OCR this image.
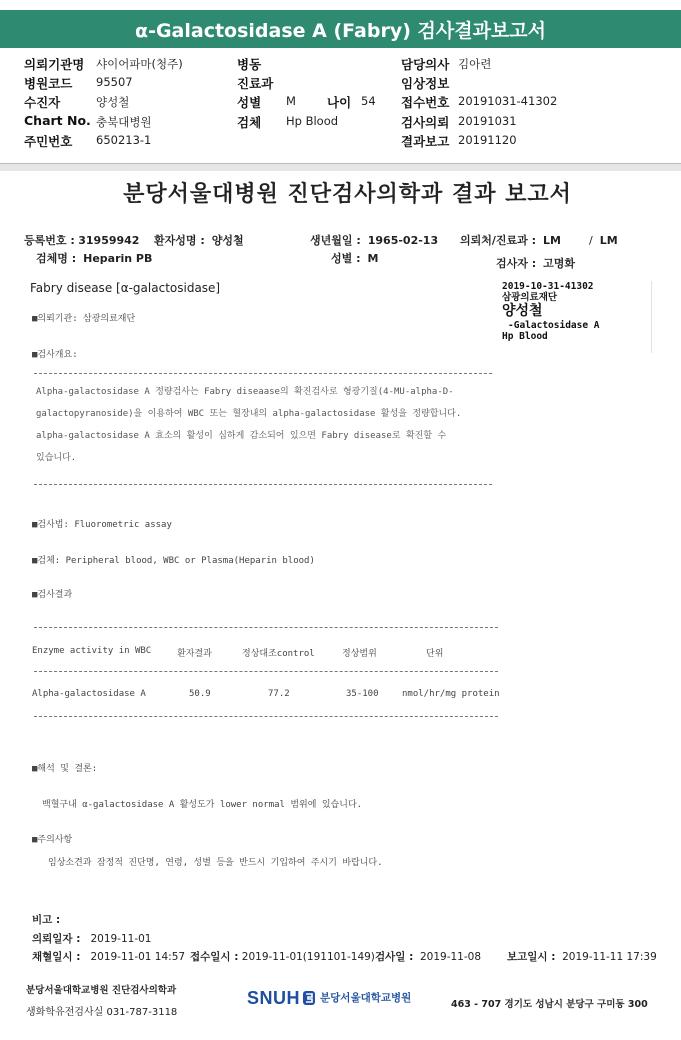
α-Galactosidase A (Fabry) 검사결과보고서
의뢰기관명 샤이어파마(청주)
병원코드 95507
수진자	양성철
Chart No. 충북대병원
주민번호 650213-1
병동
진료과
성별 M 나이 54
검체 Hp Blood
담당의사 김아련
임상정보
접수번호 20191031-41302
검사의뢰 20191031
결과보고 20191120
분당서울대병원 진단검사의학과 결과 보고서
등록번호 : 31959942 환자성명 : 양성철	생년월일 : 1965-02-13 의뢰처/진료과 : LM	/ LM
검체명 : Heparin PB	성별 : M	검사자 : 고명화
Fabry disease [α-galactosidase]	2019-10-31-41302
삼광의료재단
양성철
-Galactosidase A
Hp Blood
■의뢰기관: 삼광의료재단
■검사개요:
Alpha-galactosidase A 정량검사는 Fabry diseaase의 확진검사로 형광기질(4-MU-alpha-D-
galactopyranoside)을 이용하여 WBC 또는 혈장내의 alpha-galactosidase 활성을 정량합니다.
alpha-galactosidase A 효소의 활성이 심하게 감소되어 있으면 Fabry disease로 확진할 수
있습니다.
■검사법: Fluorometric assay
■검체: Peripheral blood, WBC or Plasma(Heparin blood)
■검사결과
Enzyme activity in WBC	환자결과	정상대조control	정상범위	단위
Alpha-galactosidase A	50.9	77.2	35-100	nmol/hr/mg protein
■해석 및 결론:
백혈구내 α-galactosidase A 활성도가 lower normal 범위에 있습니다.
■주의사항
임상소견과 잠정적 진단명, 연령, 성별 등을 반드시 기입하여 주시기 바랍니다.
비고 :
의뢰일자 : 2019-11-01
채혈일시 : 2019-11-01 14:57 접수일시 : 2019-11-01(191101-149) 검사일 : 2019-11-08 보고일시 : 2019-11-11 17:39
분당서울대학교병원 진단검사의학과
생화학유전검사실 031-787-3118
463 - 707 경기도 성남시 분당구 구미동 300
SNUH 분당서울대학교병원
